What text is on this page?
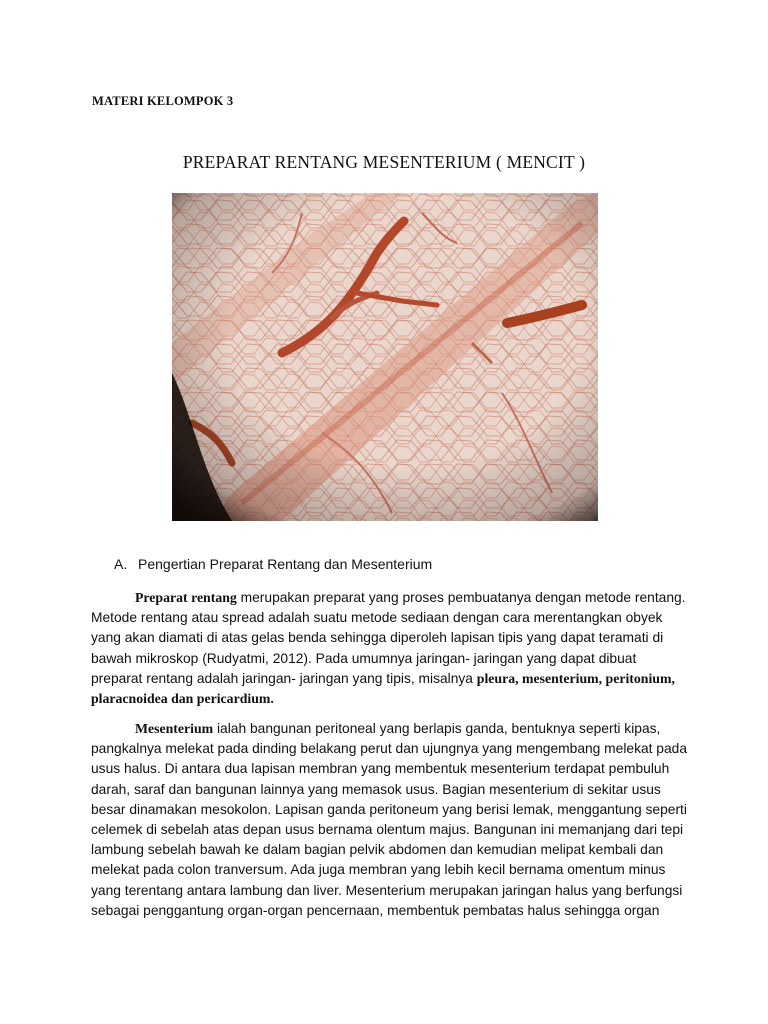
MATERI KELOMPOK 3
PREPARAT RENTANG MESENTERIUM ( MENCIT )
A. Pengertian Preparat Rentang dan Mesenterium

Preparat rentang merupakan preparat yang proses pembuatanya dengan metode rentang. Metode rentang atau spread adalah suatu metode sediaan dengan cara merentangkan obyek yang akan diamati di atas gelas benda sehingga diperoleh lapisan tipis yang dapat teramati di bawah mikroskop (Rudyatmi, 2012). Pada umumnya jaringan- jaringan yang dapat dibuat preparat rentang adalah jaringan- jaringan yang tipis, misalnya pleura, mesenterium, peritonium, plaracnoidea dan pericardium.

Mesenterium ialah bangunan peritoneal yang berlapis ganda, bentuknya seperti kipas, pangkalnya melekat pada dinding belakang perut dan ujungnya yang mengembang melekat pada usus halus. Di antara dua lapisan membran yang membentuk mesenterium terdapat pembuluh darah, saraf dan bangunan lainnya yang memasok usus. Bagian mesenterium di sekitar usus besar dinamakan mesokolon. Lapisan ganda peritoneum yang berisi lemak, menggantung seperti celemek di sebelah atas depan usus bernama olentum majus. Bangunan ini memanjang dari tepi lambung sebelah bawah ke dalam bagian pelvik abdomen dan kemudian melipat kembali dan melekat pada colon tranversum. Ada juga membran yang lebih kecil bernama omentum minus yang terentang antara lambung dan liver. Mesenterium merupakan jaringan halus yang berfungsi sebagai penggantung organ-organ pencernaan, membentuk pembatas halus sehingga organ
